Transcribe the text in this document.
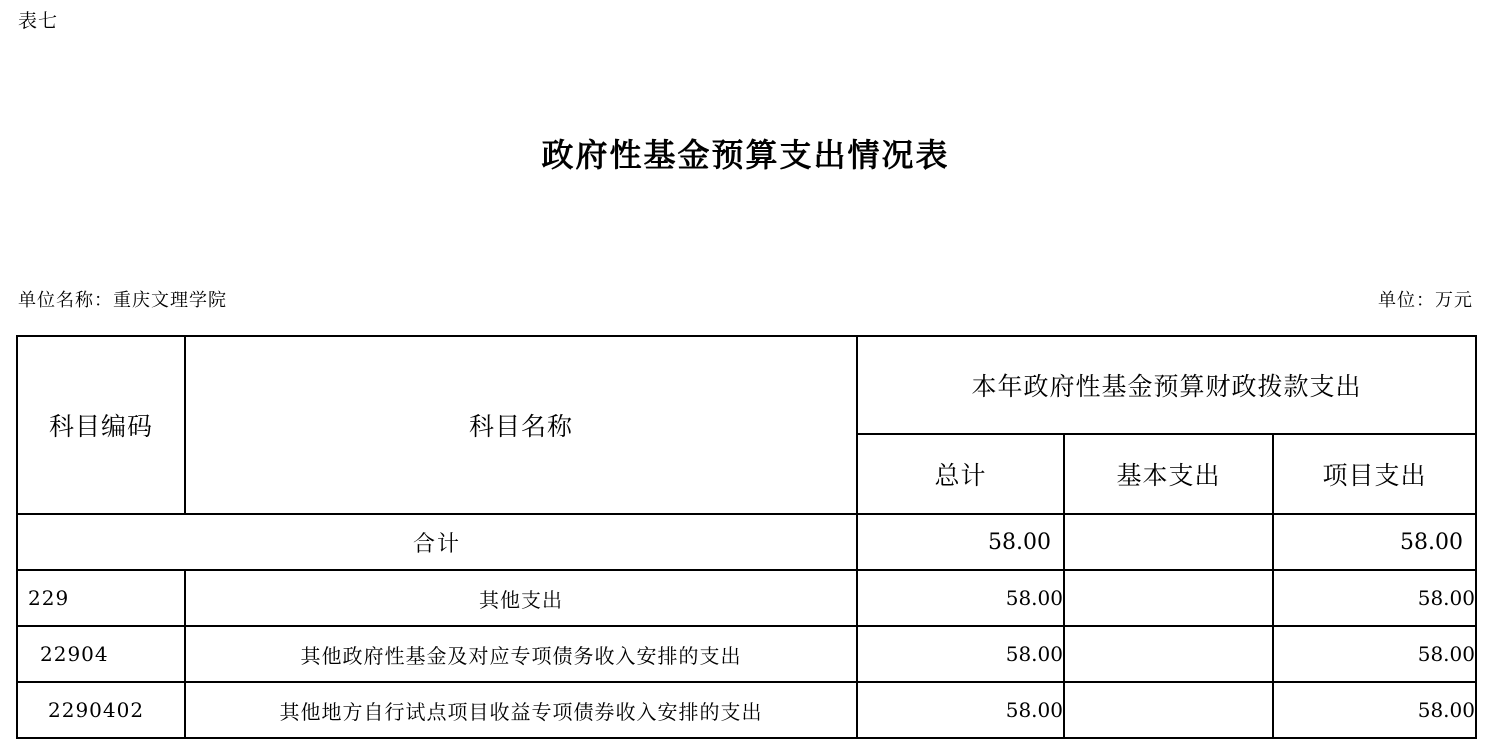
表七
政府性基金预算支出情况表
单位名称：重庆文理学院	单位：万元
科目编码	科目名称	本年政府性基金预算财政拨款支出		
		总计	基本支出	项目支出
合计		58.00		58.00
229	其他支出	58.00		58.00
22904	其他政府性基金及对应专项债务收入安排的支出	58.00		58.00
2290402	其他地方自行试点项目收益专项债券收入安排的支出	58.00		58.00
